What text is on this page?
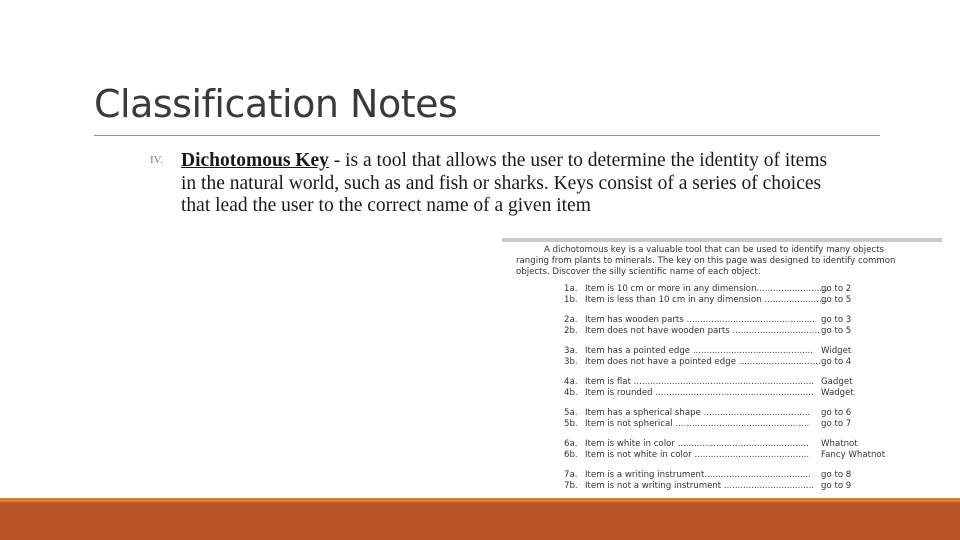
Classification Notes
IV. Dichotomous Key - is a tool that allows the user to determine the identity of items in the natural world, such as and fish or sharks. Keys consist of a series of choices that lead the user to the correct name of a given item
A dichotomous key is a valuable tool that can be used to identify many objects
ranging from plants to minerals. The key on this page was designed to identify common
objects. Discover the silly scientific name of each object.
1a. Item is 10 cm or more in any dimension..........................
go to 2
1b. Item is less than 10 cm in any dimension .......................
go to 5
2a. Item has wooden parts ............................................... go to 3
2b. Item does not have wooden parts ................................ go to 5
3a. Item has a pointed edge ............................................ Widget
3b. Item does not have a pointed edge .............................. go to 4
4a. Item is flat .................................................................. Gadget
4b. Item is rounded .......................................................... Wadget
5a. Item has a spherical shape ....................................... go to 6
5b. Item is not spherical ................................................. go to 7
6a. Item is white in color ................................................ Whatnot
6b. Item is not white in color .......................................... Fancy Whatnot
7a. Item is a writing instrument....................................... go to 8
7b. Item is not a writing instrument ................................. go to 9
